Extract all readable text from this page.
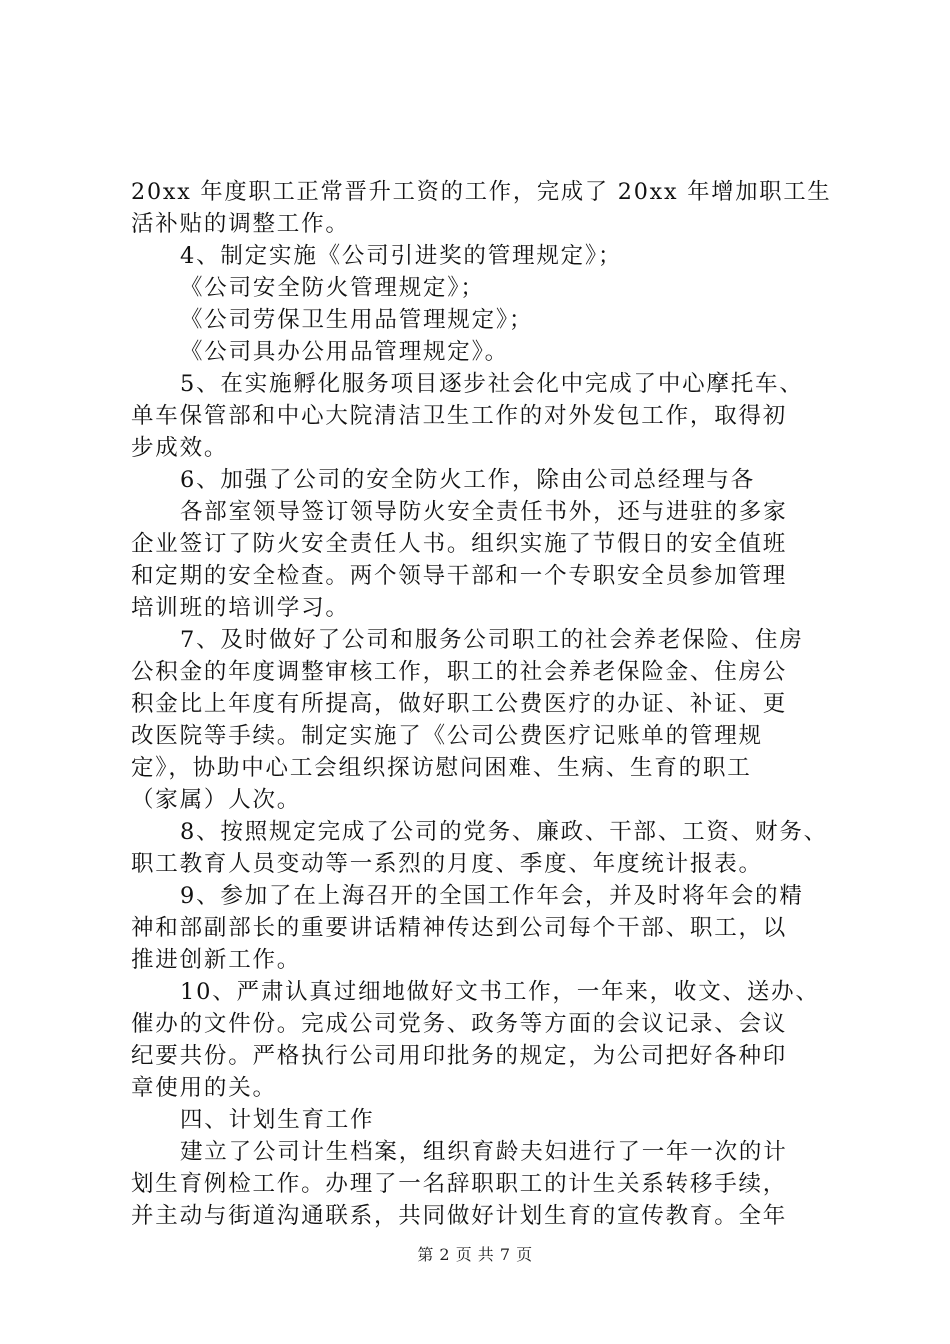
20xx 年度职工正常晋升工资的工作，完成了 20xx 年增加职工生
活补贴的调整工作。

4、制定实施《公司引进奖的管理规定》；

《公司安全防火管理规定》；

《公司劳保卫生用品管理规定》；

《公司具办公用品管理规定》。

5、在实施孵化服务项目逐步社会化中完成了中心摩托车、
单车保管部和中心大院清洁卫生工作的对外发包工作，取得初
步成效。

6、加强了公司的安全防火工作，除由公司总经理与各

各部室领导签订领导防火安全责任书外，还与进驻的多家
企业签订了防火安全责任人书。组织实施了节假日的安全值班
和定期的安全检查。两个领导干部和一个专职安全员参加管理
培训班的培训学习。

7、及时做好了公司和服务公司职工的社会养老保险、住房
公积金的年度调整审核工作，职工的社会养老保险金、住房公
积金比上年度有所提高，做好职工公费医疗的办证、补证、更
改医院等手续。制定实施了《公司公费医疗记账单的管理规
定》，协助中心工会组织探访慰问困难、生病、生育的职工
（家属）人次。

8、按照规定完成了公司的党务、廉政、干部、工资、财务、
职工教育人员变动等一系烈的月度、季度、年度统计报表。

9、参加了在上海召开的全国工作年会，并及时将年会的精
神和部副部长的重要讲话精神传达到公司每个干部、职工，以
推进创新工作。

10、严肃认真过细地做好文书工作，一年来，收文、送办、
催办的文件份。完成公司党务、政务等方面的会议记录、会议
纪要共份。严格执行公司用印批务的规定，为公司把好各种印
章使用的关。

四、计划生育工作

建立了公司计生档案，组织育龄夫妇进行了一年一次的计
划生育例检工作。办理了一名辞职职工的计生关系转移手续，
并主动与街道沟通联系，共同做好计划生育的宣传教育。全年

第 2 页 共 7 页
